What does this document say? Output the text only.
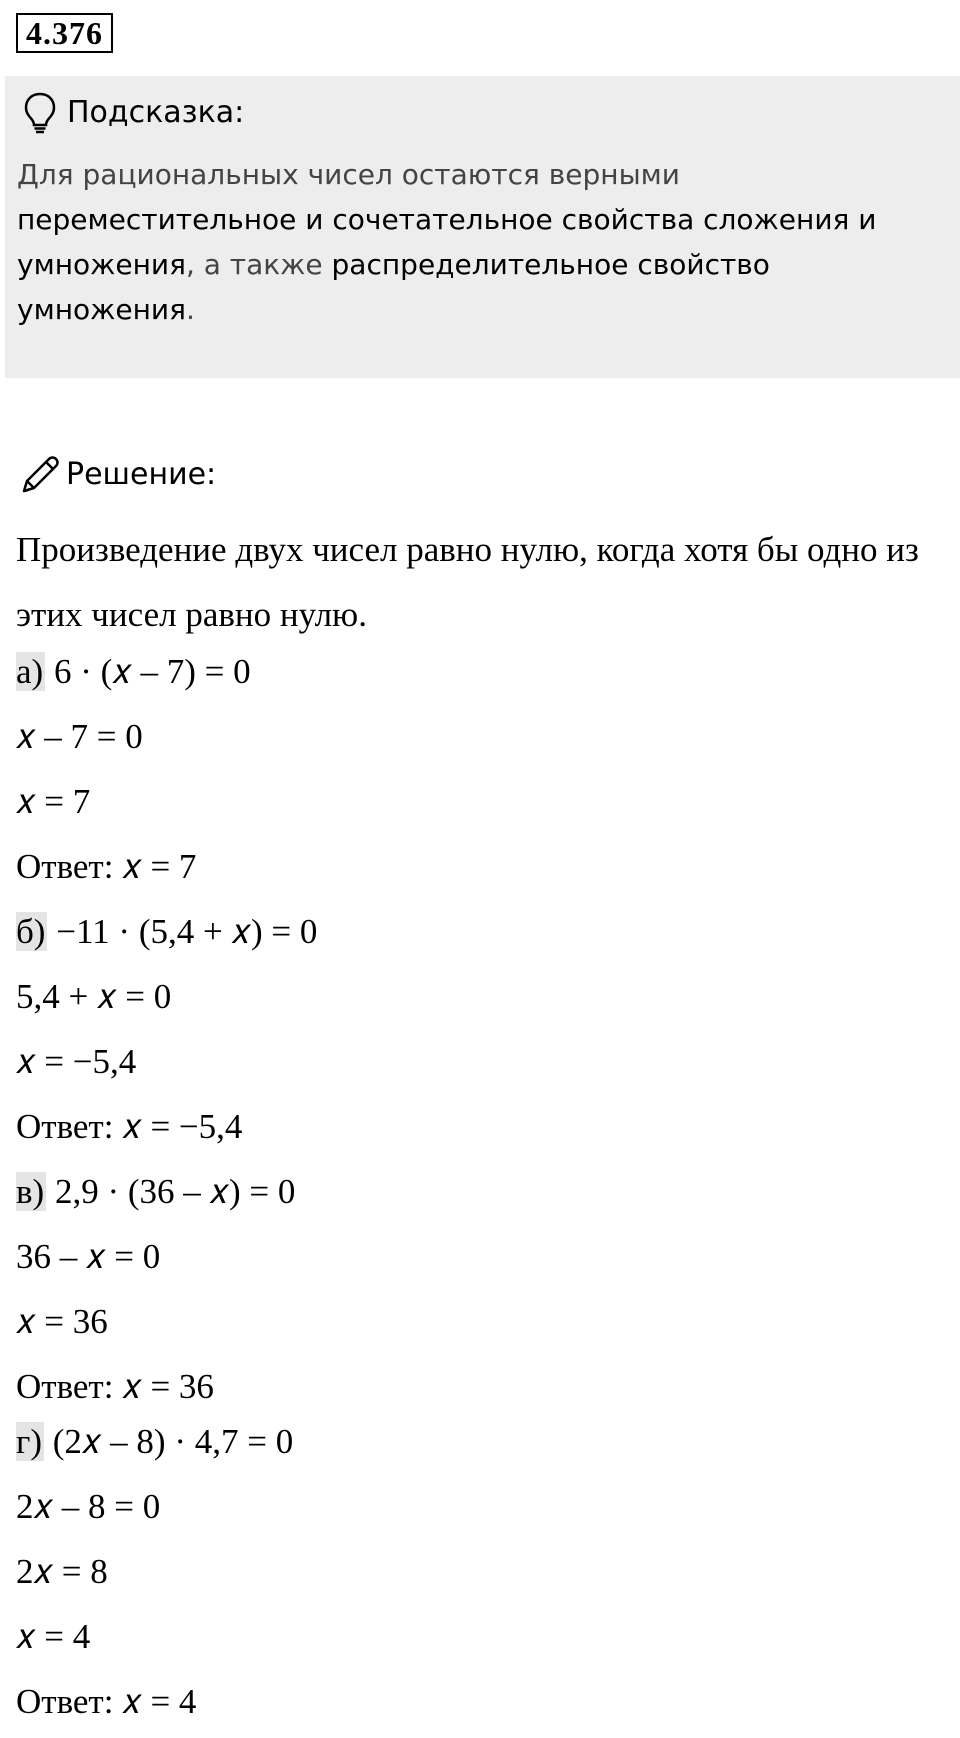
4.376
Подсказка:
Для рациональных чисел остаются верными
переместительное и сочетательное свойства сложения и умножения, а также распределительное свойство умножения.
Решение:
Произведение двух чисел равно нулю, когда хотя бы одно из этих чисел равно нулю.
а) 6 · (𝑥 – 7) = 0
𝑥 – 7 = 0
𝑥 = 7
Ответ: 𝑥 = 7
б) −11 · (5,4 + 𝑥) = 0
5,4 + 𝑥 = 0
𝑥 = −5,4
Ответ: 𝑥 = −5,4
в) 2,9 · (36 – 𝑥) = 0
36 – 𝑥 = 0
𝑥 = 36
Ответ: 𝑥 = 36
г) (2𝑥 – 8) · 4,7 = 0
2𝑥 – 8 = 0
2𝑥 = 8
𝑥 = 4
Ответ: 𝑥 = 4
